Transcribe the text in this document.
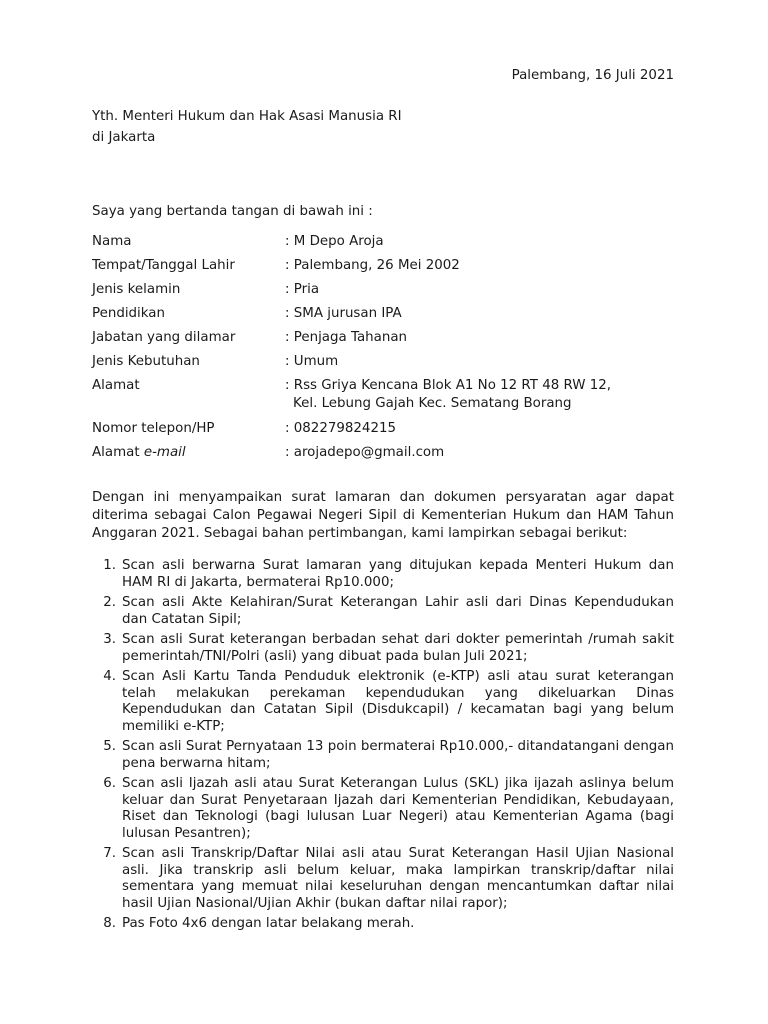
Palembang, 16 Juli 2021
Yth. Menteri Hukum dan Hak Asasi Manusia RI
di Jakarta
Saya yang bertanda tangan di bawah ini :
Nama	: M Depo Aroja
Tempat/Tanggal Lahir	: Palembang, 26 Mei 2002
Jenis kelamin	: Pria
Pendidikan	: SMA jurusan IPA
Jabatan yang dilamar	: Penjaga Tahanan
Jenis Kebutuhan	: Umum
Alamat	: Rss Griya Kencana Blok A1 No 12 RT 48 RW 12,
Kel. Lebung Gajah Kec. Sematang Borang
Nomor telepon/HP	: 082279824215
Alamat e-mail	: arojadepo@gmail.com
Dengan ini menyampaikan surat lamaran dan dokumen persyaratan agar dapat diterima sebagai Calon Pegawai Negeri Sipil di Kementerian Hukum dan HAM Tahun Anggaran 2021. Sebagai bahan pertimbangan, kami lampirkan sebagai berikut:
1. Scan asli berwarna Surat lamaran yang ditujukan kepada Menteri Hukum dan HAM RI di Jakarta, bermaterai Rp10.000;
2. Scan asli Akte Kelahiran/Surat Keterangan Lahir asli dari Dinas Kependudukan dan Catatan Sipil;
3. Scan asli Surat keterangan berbadan sehat dari dokter pemerintah /rumah sakit pemerintah/TNI/Polri (asli) yang dibuat pada bulan Juli 2021;
4. Scan Asli Kartu Tanda Penduduk elektronik (e-KTP) asli atau surat keterangan telah melakukan perekaman kependudukan yang dikeluarkan Dinas Kependudukan dan Catatan Sipil (Disdukcapil) / kecamatan bagi yang belum memiliki e-KTP;
5. Scan asli Surat Pernyataan 13 poin bermaterai Rp10.000,- ditandatangani dengan pena berwarna hitam;
6. Scan asli Ijazah asli atau Surat Keterangan Lulus (SKL) jika ijazah aslinya belum keluar dan Surat Penyetaraan Ijazah dari Kementerian Pendidikan, Kebudayaan, Riset dan Teknologi (bagi lulusan Luar Negeri) atau Kementerian Agama (bagi lulusan Pesantren);
7. Scan asli Transkrip/Daftar Nilai asli atau Surat Keterangan Hasil Ujian Nasional asli. Jika transkrip asli belum keluar, maka lampirkan transkrip/daftar nilai sementara yang memuat nilai keseluruhan dengan mencantumkan daftar nilai hasil Ujian Nasional/Ujian Akhir (bukan daftar nilai rapor);
8. Pas Foto 4x6 dengan latar belakang merah.
